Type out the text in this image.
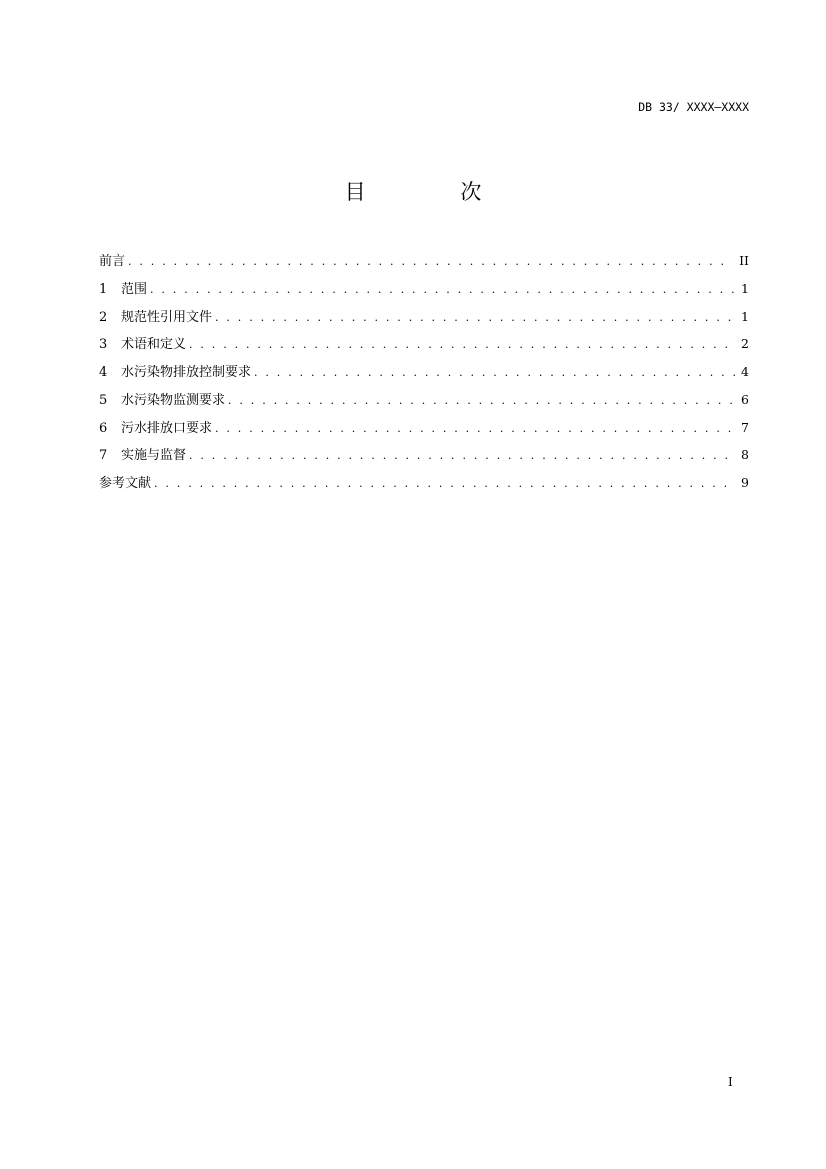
DB 33/ XXXX—XXXX
目 次
前言 . . .	II
1	范围 . . .	1
2	规范性引用文件 . . .	1
3	术语和定义 . . .	2
4	水污染物排放控制要求 . . .	4
5	水污染物监测要求 . . .	6
6	污水排放口要求 . . .	7
7	实施与监督 . . .	8
参考文献 . . .	9
I
